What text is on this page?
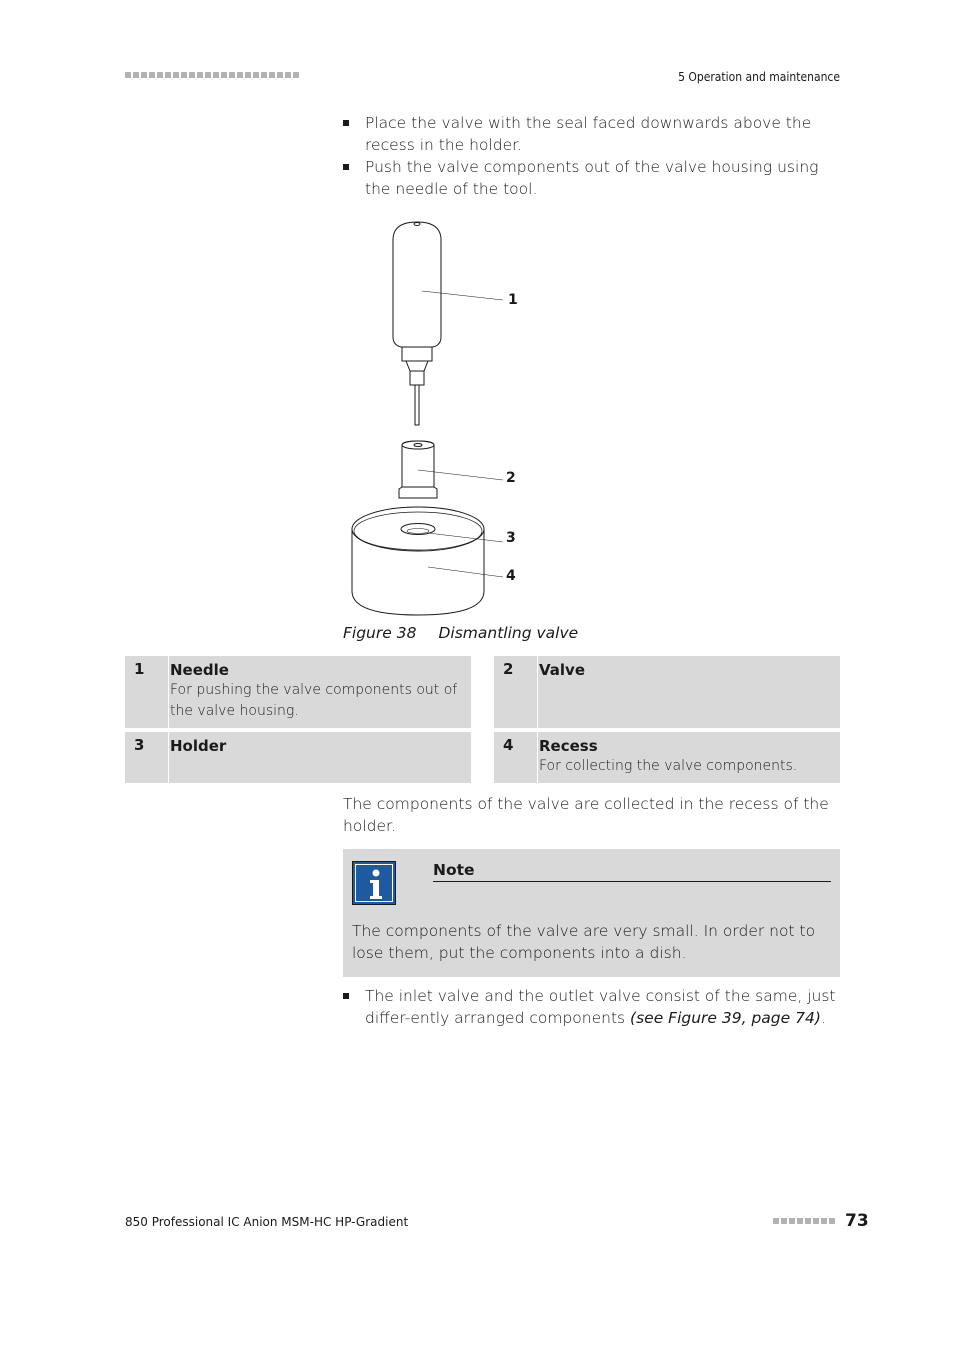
5 Operation and maintenance
Place the valve with the seal faced downwards above the recess in the holder.
Push the valve components out of the valve housing using the needle of the tool.
1
2
3
4
Figure 38 Dismantling valve
1	Needle
For pushing the valve components out of the valve housing.
2	Valve
3	Holder	4	Recess
For collecting the valve components.

The components of the valve are collected in the recess of the holder.

Note

The components of the valve are very small. In order not to lose them, put the components into a dish.

The inlet valve and the outlet valve consist of the same, just differ-ently arranged components (see Figure 39, page 74).
850 Professional IC Anion MSM-HC HP-Gradient	73
